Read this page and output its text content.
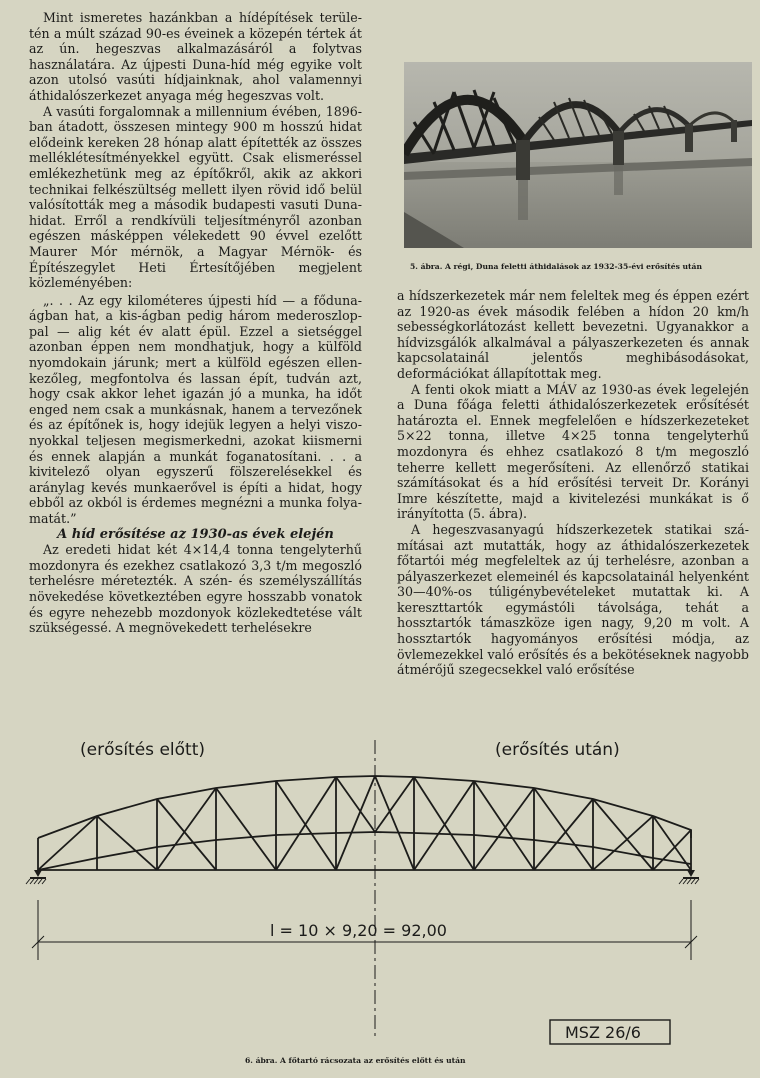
Mint ismeretes hazánkban a hídépítések területén a múlt század 90-es éveinek a közepén tértek át az ún. hegeszvas alkalmazásáról a folytvas használatára. Az újpesti Duna-híd még egyike volt azon utolsó vasúti hídjainknak, ahol valamennyi áthidalószerkezet anyaga még hegeszvas volt.

A vasúti forgalomnak a millennium évében, 1896-ban átadott, összesen mintegy 900 m hosszú hidat elődeink kereken 28 hónap alatt építették az összes melléklétesítményekkel együtt. Csak elismeréssel emlékezhetünk meg az építőkről, akik az akkori technikai felkészültség mellett ilyen rövid idő belül valósították meg a második budapesti vasuti Duna-hidat. Erről a rendkívüli teljesítményről azonban egészen másképpen vélekedett 90 évvel ezelőtt Maurer Mór mérnök, a Magyar Mérnök- és Építészegylet Heti Értesítőjében megjelent közleményében:

„. . . Az egy kilométeres újpesti híd — a fődunaágban hat, a kis-ágban pedig három mederoszloppal — alig két év alatt épül. Ezzel a sietséggel azonban éppen nem mondhatjuk, hogy a külföld nyomdokain járunk; mert a külföld egészen ellenkezőleg, megfontolva és lassan épít, tudván azt, hogy csak akkor lehet igazán jó a munka, ha időt enged nem csak a munkásnak, hanem a tervezőnek és az építőnek is, hogy idejük legyen a helyi viszonyokkal teljesen megismerkedni, azokat kiismerni és ennek alapján a munkát foganatosítani. . . a kivitelező olyan egyszerű fölszerelésekkel és aránylag kevés munkaerővel is építi a hidat, hogy ebből az okból is érdemes megnézni a munka folyamatát.”

A híd erősítése az 1930-as évek elején

Az eredeti hidat két 4×14,4 tonna tengelyterhű mozdonyra és ezekhez csatlakozó 3,3 t/m megoszló terhelésre méretezték. A szén- és személyszállítás növekedése következtében egyre hosszabb vonatok és egyre nehezebb mozdonyok közlekedtetése vált szükségessé. A megnövekedett terhelésekre

5. ábra. A régi, Duna feletti áthidalások az 1932-35-évi erősítés után

a hídszerkezetek már nem feleltek meg és éppen ezért az 1920-as évek második felében a hídon 20 km/h sebességkorlátozást kellett bevezetni. Ugyanakkor a hídvizsgálók alkalmával a pályaszerkezeten és annak kapcsolatainál jelentős meghibásodásokat, deformációkat állapítottak meg.

A fenti okok miatt a MÁV az 1930-as évek legelején a Duna főága feletti áthidalószerkezetek erősítését határozta el. Ennek megfelelően e hídszerkezeteket 5×22 tonna, illetve 4×25 tonna tengelyterhű mozdonyra és ehhez csatlakozó 8 t/m megoszló teherre kellett megerősíteni. Az ellenőrző statikai számításokat és a híd erősítési terveit Dr. Korányi Imre készítette, majd a kivitelezési munkákat is ő irányította (5. ábra).

A hegeszvasanyagú hídszerkezetek statikai számításai azt mutatták, hogy az áthidalószerkezetek főtartói még megfeleltek az új terhelésre, azonban a pályaszerkezet elemeinél és kapcsolatainál helyenként 30—40%-os túligénybevételeket mutattak ki. A kereszttartók egymástóli távolsága, tehát a hossztartók támaszköze igen nagy, 9,20 m volt. A hossztartók hagyományos erősítési módja, az övlemezekkel való erősítés és a bekötéseknek nagyobb átmérőjű szegecsekkel való erősítése

(erősítés előtt)	(erősítés után)
l = 10 × 9,20 = 92,00
MSZ 26/6
6. ábra. A főtartó rácsozata az erősítés előtt és után
